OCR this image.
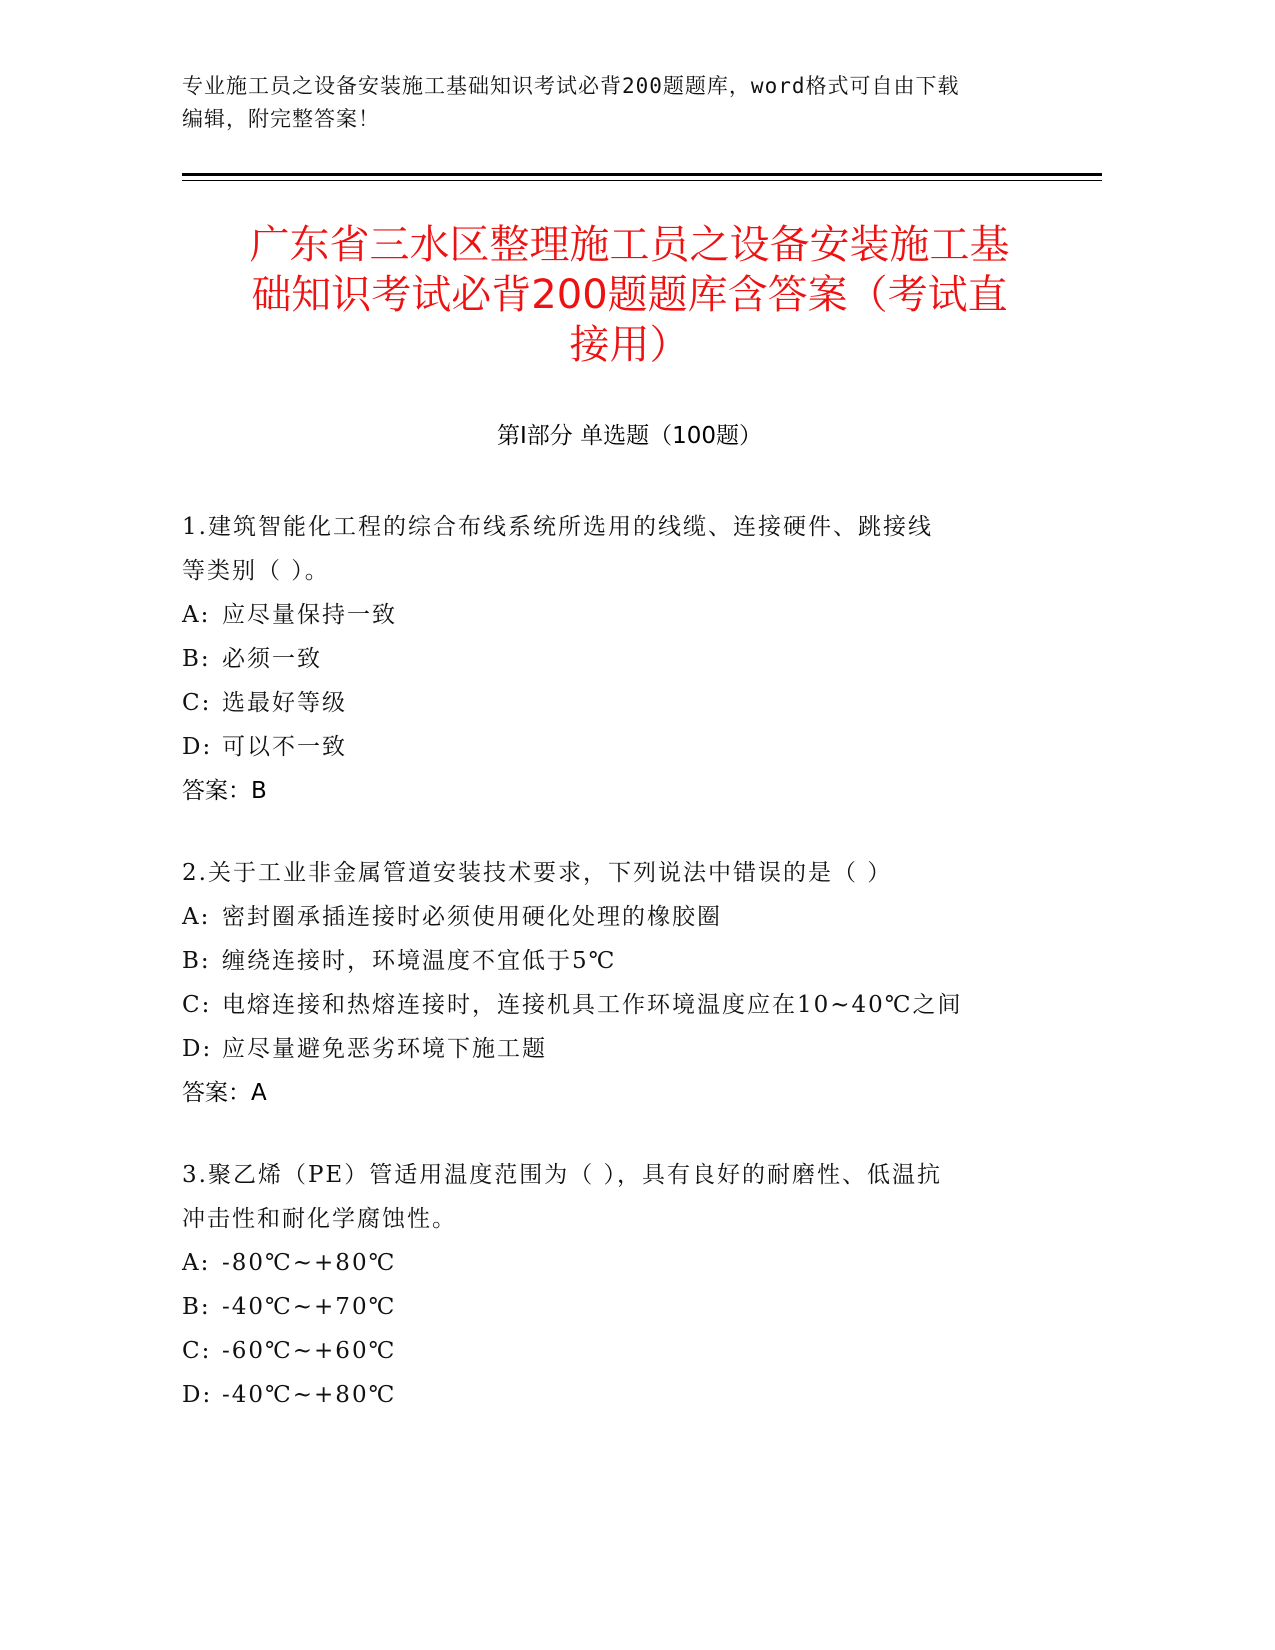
专业施工员之设备安装施工基础知识考试必背200题题库，word格式可自由下载
编辑，附完整答案！
广东省三水区整理施工员之设备安装施工基
础知识考试必背200题题库含答案（考试直
接用）
第Ⅰ部分 单选题（100题）
1.建筑智能化工程的综合布线系统所选用的线缆、连接硬件、跳接线
等类别（ ）。
A: 应尽量保持一致
B: 必须一致
C: 选最好等级
D: 可以不一致
答案：B
2.关于工业非金属管道安装技术要求，下列说法中错误的是（ ）
A: 密封圈承插连接时必须使用硬化处理的橡胶圈
B: 缠绕连接时，环境温度不宜低于5℃
C: 电熔连接和热熔连接时，连接机具工作环境温度应在10~40℃之间
D: 应尽量避免恶劣环境下施工题
答案：A
3.聚乙烯（PE）管适用温度范围为（ ），具有良好的耐磨性、低温抗
冲击性和耐化学腐蚀性。
A: -80℃~+80℃
B: -40℃~+70℃
C: -60℃~+60℃
D: -40℃~+80℃
